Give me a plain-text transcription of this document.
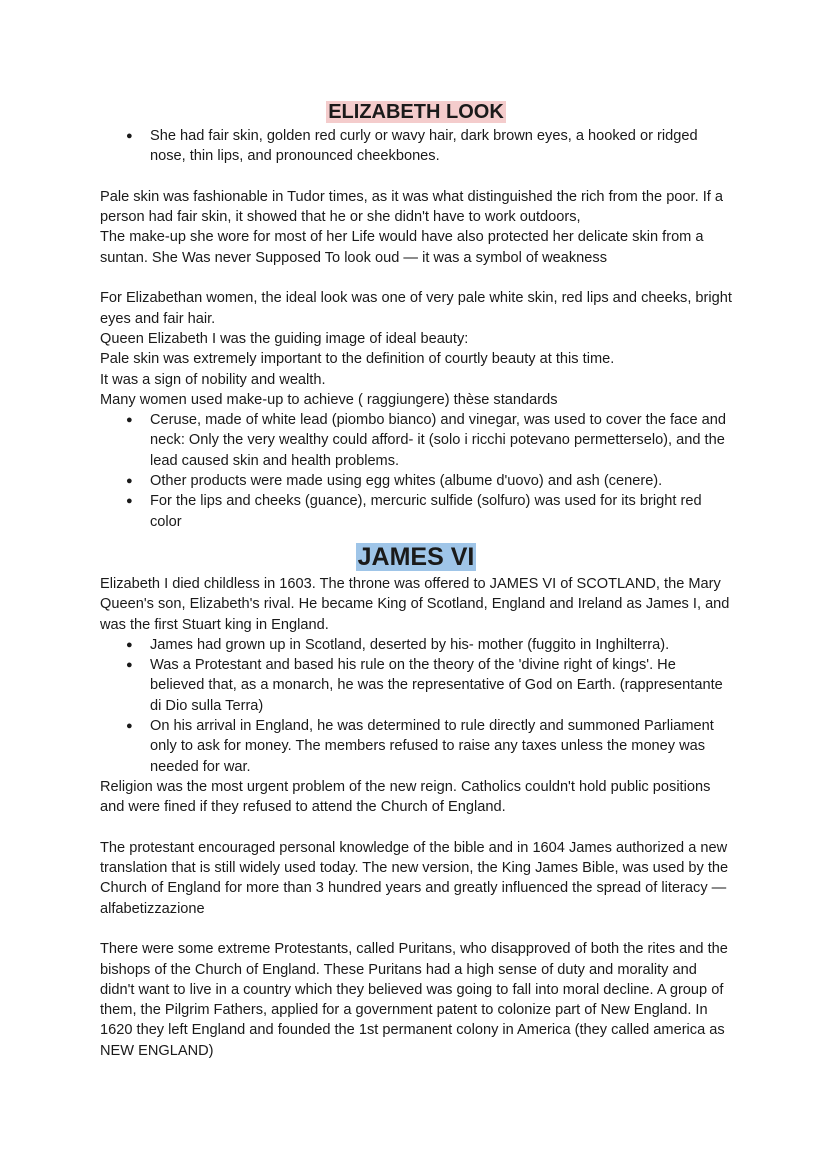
ELIZABETH LOOK
● She had fair skin, golden red curly or wavy hair, dark brown eyes, a hooked or ridged nose, thin lips, and pronounced cheekbones.

Pale skin was fashionable in Tudor times, as it was what distinguished the rich from the poor. If a person had fair skin, it showed that he or she didn't have to work outdoors,

The make-up she wore for most of her Life would have also protected her delicate skin from a suntan. She Was never Supposed To look oud — it was a symbol of weakness

For Elizabethan women, the ideal look was one of very pale white skin, red lips and cheeks, bright eyes and fair hair.

Queen Elizabeth I was the guiding image of ideal beauty:

Pale skin was extremely important to the definition of courtly beauty at this time.

It was a sign of nobility and wealth.

Many women used make-up to achieve ( raggiungere) thèse standards

● Ceruse, made of white lead (piombo bianco) and vinegar, was used to cover the face and neck: Only the very wealthy could afford- it (solo i ricchi potevano permetterselo), and the lead caused skin and health problems.
● Other products were made using egg whites (albume d'uovo) and ash (cenere).
● For the lips and cheeks (guance), mercuric sulfide (solfuro) was used for its bright red color
JAMES VI

Elizabeth I died childless in 1603. The throne was offered to JAMES VI of SCOTLAND, the Mary Queen's son, Elizabeth's rival. He became King of Scotland, England and Ireland as James I, and was the first Stuart king in England.

● James had grown up in Scotland, deserted by his- mother (fuggito in Inghilterra).
● Was a Protestant and based his rule on the theory of the 'divine right of kings'. He believed that, as a monarch, he was the representative of God on Earth. (rappresentante di Dio sulla Terra)
● On his arrival in England, he was determined to rule directly and summoned Parliament only to ask for money. The members refused to raise any taxes unless the money was needed for war.

Religion was the most urgent problem of the new reign. Catholics couldn't hold public positions and were fined if they refused to attend the Church of England.

The protestant encouraged personal knowledge of the bible and in 1604 James authorized a new translation that is still widely used today. The new version, the King James Bible, was used by the Church of England for more than 3 hundred years and greatly influenced the spread of literacy — alfabetizzazione

There were some extreme Protestants, called Puritans, who disapproved of both the rites and the bishops of the Church of England. These Puritans had a high sense of duty and morality and didn't want to live in a country which they believed was going to fall into moral decline. A group of them, the Pilgrim Fathers, applied for a government patent to colonize part of New England. In 1620 they left England and founded the 1st permanent colony in America (they called america as NEW ENGLAND)
